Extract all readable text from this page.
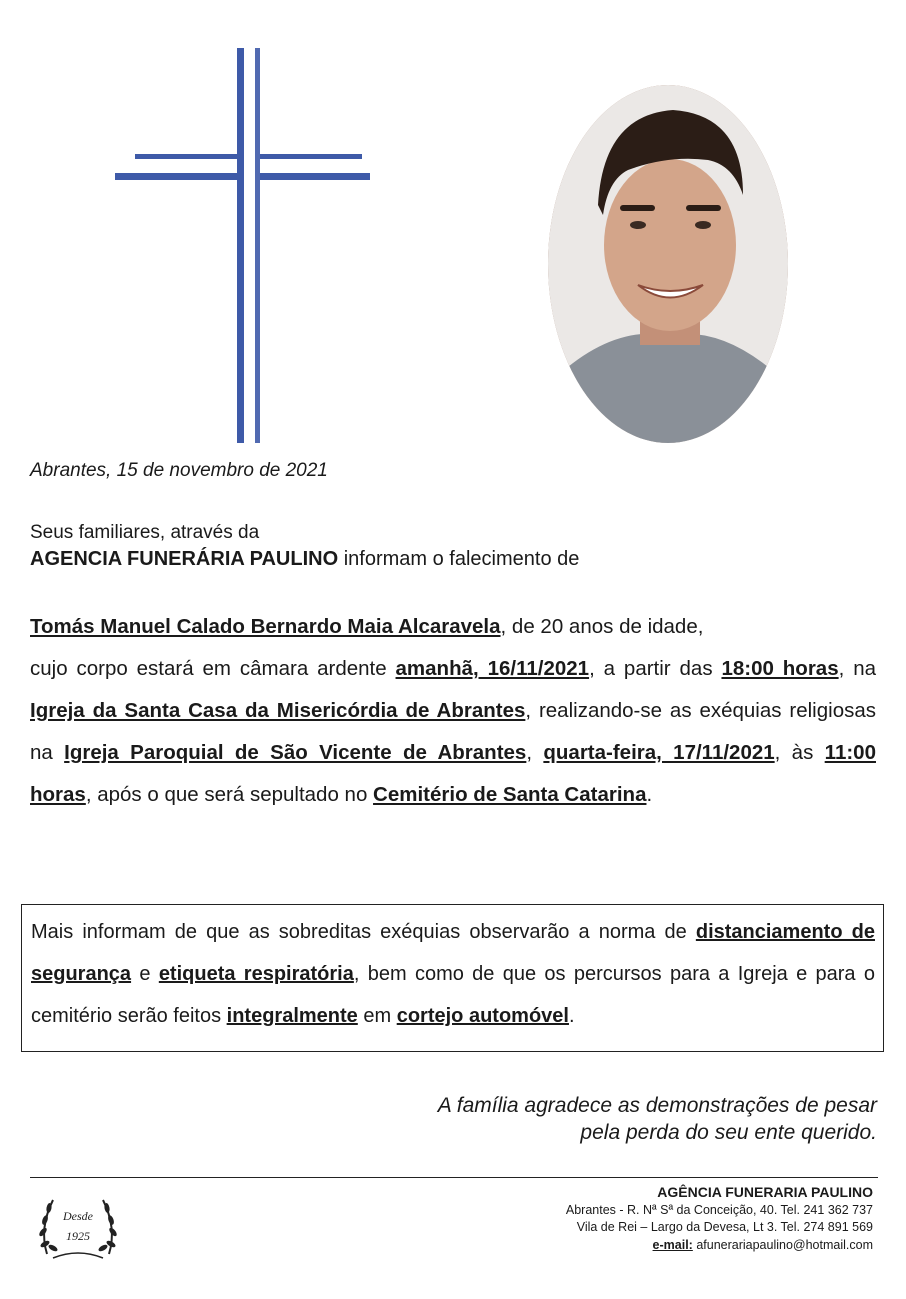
Abrantes, 15 de novembro de 2021
Seus familiares, através da
AGENCIA FUNERÁRIA PAULINO informam o falecimento de
Tomás Manuel Calado Bernardo Maia Alcaravela, de 20 anos de idade,
cujo corpo estará em câmara ardente amanhã, 16/11/2021, a partir das 18:00 horas, na Igreja da Santa Casa da Misericórdia de Abrantes, realizando-se as exéquias religiosas na Igreja Paroquial de São Vicente de Abrantes, quarta-feira, 17/11/2021, às 11:00 horas, após o que será sepultado no Cemitério de Santa Catarina.
Mais informam de que as sobreditas exéquias observarão a norma de distanciamento de segurança e etiqueta respiratória, bem como de que os percursos para a Igreja e para o cemitério serão feitos integralmente em cortejo automóvel.
A família agradece as demonstrações de pesar
pela perda do seu ente querido.
Desde
1925
AGÊNCIA FUNERARIA PAULINO
Abrantes - R. Nª Sª da Conceição, 40. Tel. 241 362 737
Vila de Rei – Largo da Devesa, Lt 3. Tel. 274 891 569
e-mail: afunerariapaulino@hotmail.com
